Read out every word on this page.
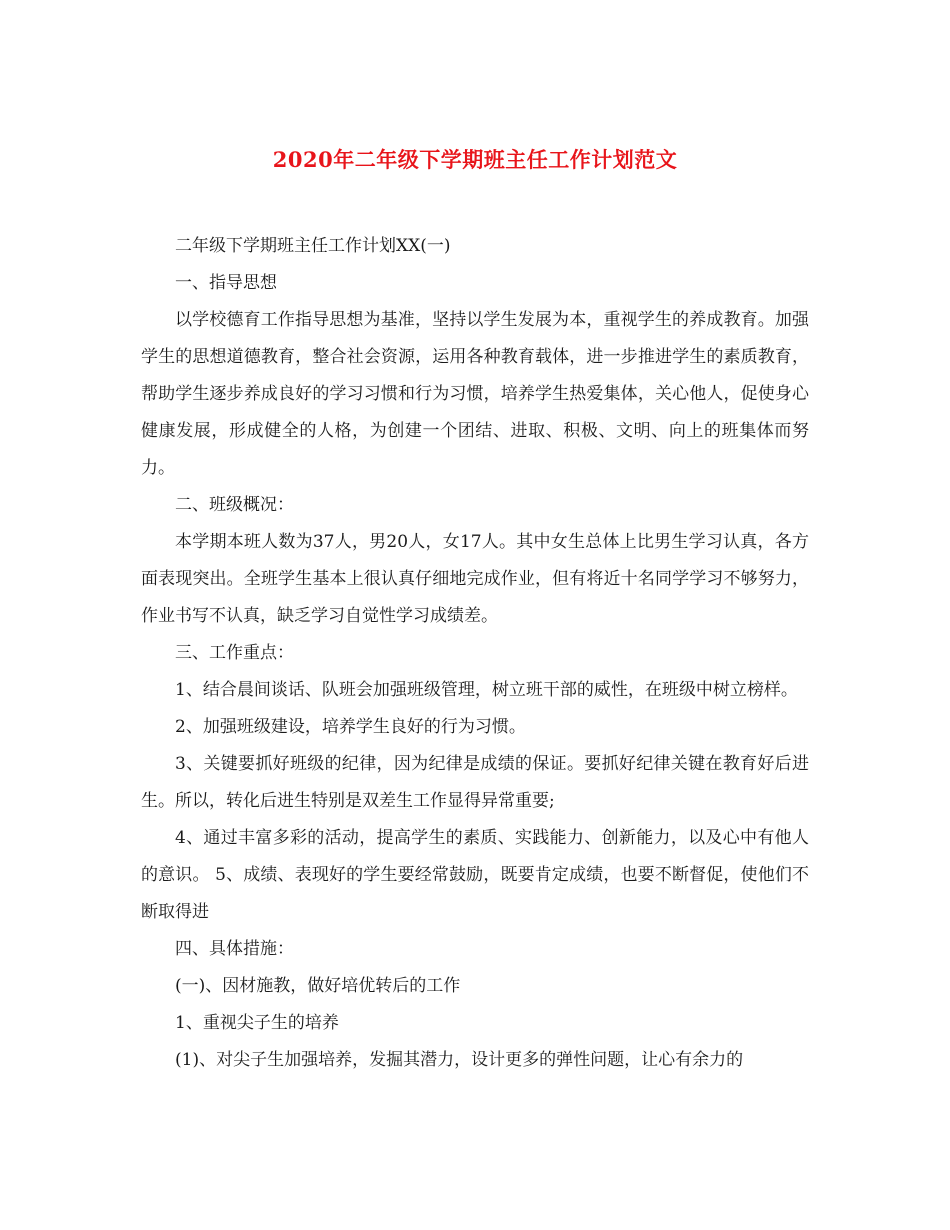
2020年二年级下学期班主任工作计划范文

二年级下学期班主任工作计划XX(一)

一、指导思想

以学校德育工作指导思想为基准，坚持以学生发展为本，重视学生的养成教育。加强学生的思想道德教育，整合社会资源，运用各种教育载体，进一步推进学生的素质教育，帮助学生逐步养成良好的学习习惯和行为习惯，培养学生热爱集体，关心他人，促使身心健康发展，形成健全的人格，为创建一个团结、进取、积极、文明、向上的班集体而努力。

二、班级概况：

本学期本班人数为37人，男20人，女17人。其中女生总体上比男生学习认真，各方面表现突出。全班学生基本上很认真仔细地完成作业，但有将近十名同学学习不够努力，作业书写不认真，缺乏学习自觉性学习成绩差。

三、工作重点：

1、结合晨间谈话、队班会加强班级管理，树立班干部的威性，在班级中树立榜样。

2、加强班级建设，培养学生良好的行为习惯。

3、关键要抓好班级的纪律，因为纪律是成绩的保证。要抓好纪律关键在教育好后进生。所以，转化后进生特别是双差生工作显得异常重要;

4、通过丰富多彩的活动，提高学生的素质、实践能力、创新能力，以及心中有他人的意识。 5、成绩、表现好的学生要经常鼓励，既要肯定成绩，也要不断督促，使他们不断取得进

四、具体措施：

(一)、因材施教，做好培优转后的工作

1、重视尖子生的培养

(1)、对尖子生加强培养，发掘其潜力，设计更多的弹性问题，让心有余力的
